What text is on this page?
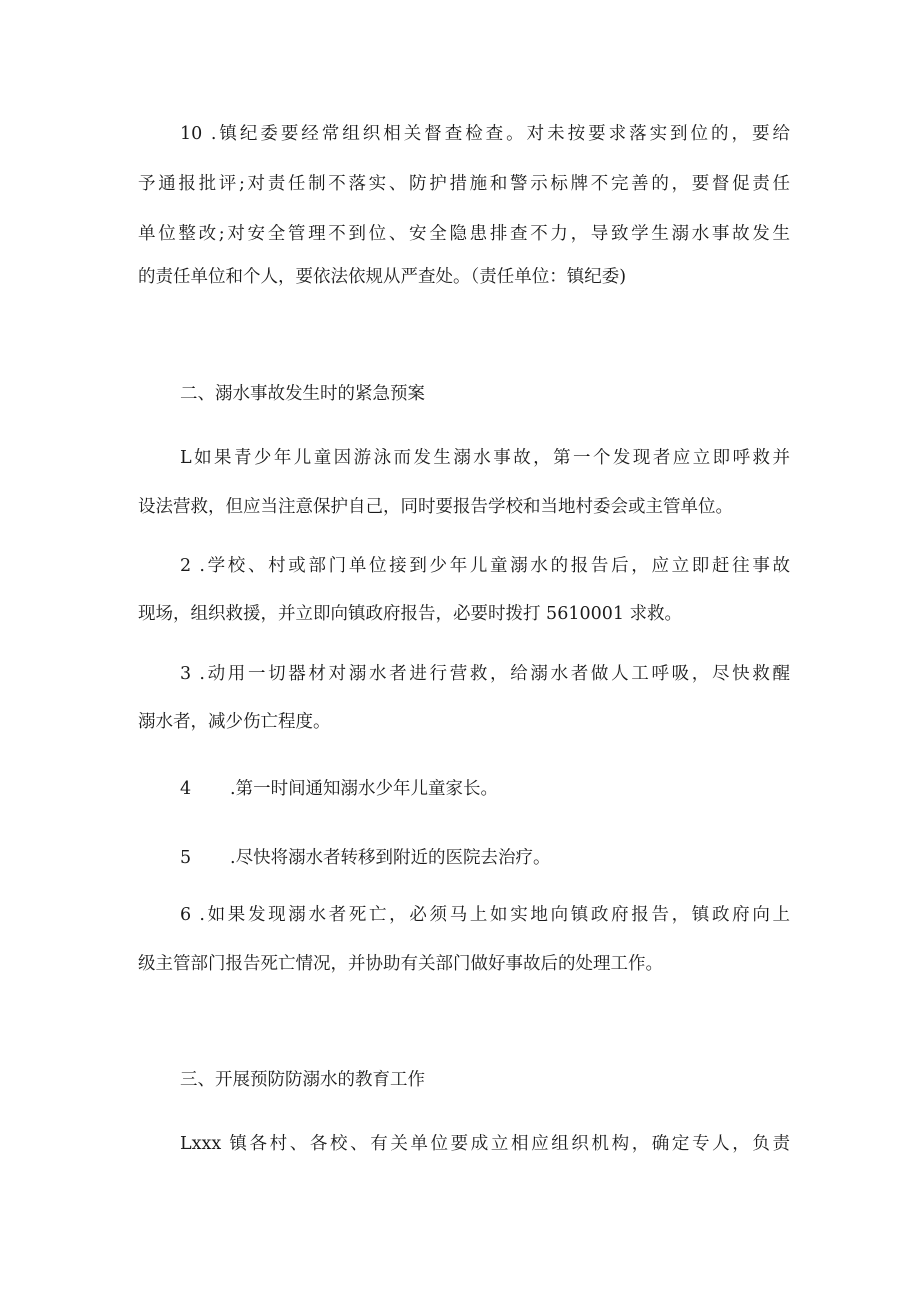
10 .镇纪委要经常组织相关督查检查。对未按要求落实到位的，要给
予通报批评;对责任制不落实、防护措施和警示标牌不完善的，要督促责任
单位整改;对安全管理不到位、安全隐患排查不力，导致学生溺水事故发生
的责任单位和个人，要依法依规从严查处。（责任单位：镇纪委)
二、溺水事故发生时的紧急预案
L如果青少年儿童因游泳而发生溺水事故，第一个发现者应立即呼救并
设法营救，但应当注意保护自己，同时要报告学校和当地村委会或主管单位。
2 .学校、村或部门单位接到少年儿童溺水的报告后，应立即赶往事故
现场，组织救援，并立即向镇政府报告，必要时拨打 5610001 求救。
3 .动用一切器材对溺水者进行营救，给溺水者做人工呼吸，尽快救醒
溺水者，减少伤亡程度。
4 .第一时间通知溺水少年儿童家长。
5 .尽快将溺水者转移到附近的医院去治疗。
6 .如果发现溺水者死亡，必须马上如实地向镇政府报告，镇政府向上
级主管部门报告死亡情况，并协助有关部门做好事故后的处理工作。
三、开展预防防溺水的教育工作
Lxxx 镇各村、各校、有关单位要成立相应组织机构，确定专人，负责
